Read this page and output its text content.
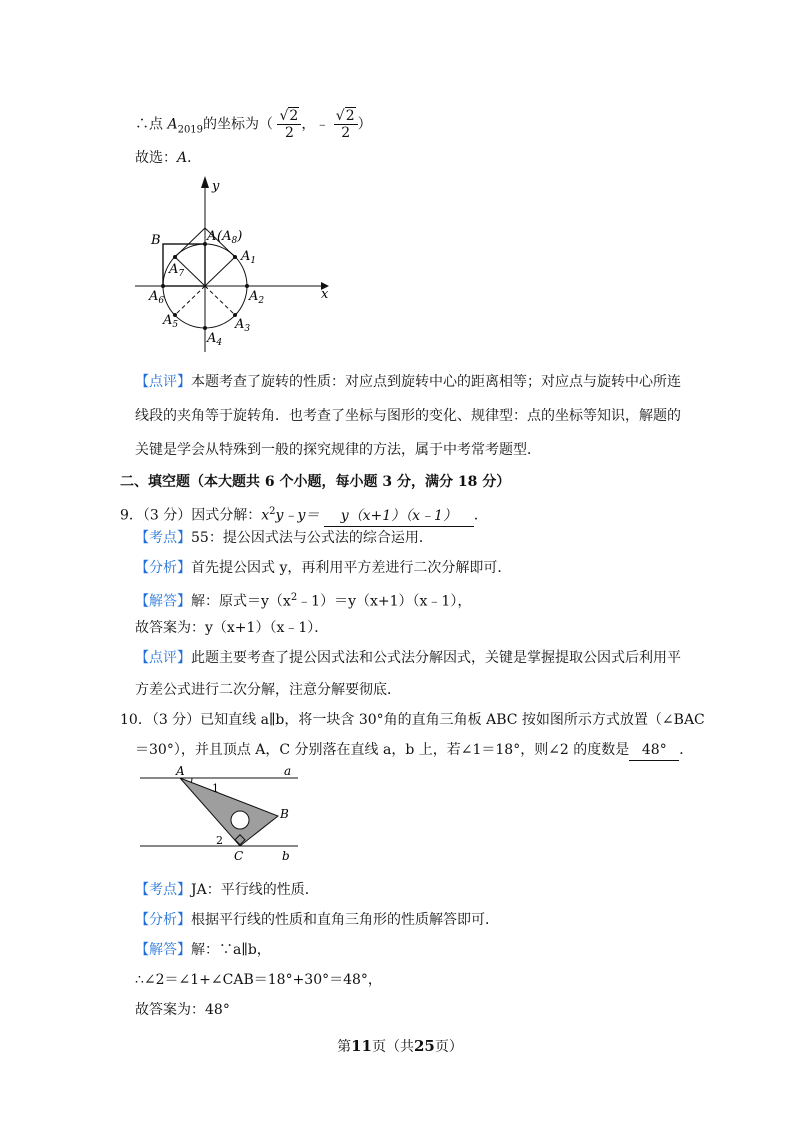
∴点 $A_{2019}$的坐标为（ $\frac{√2}{2}$ ，﹣ $\frac{√2}{2}$ ）
故选：A．
x
y
B	A $(A_8)$
$A_1$
$A_2$
$A_3$
$A_4$
$A_5$
$A_6$
$A_7$
【点评】本题考查了旋转的性质：对应点到旋转中心的距离相等；对应点与旋转中心所连
线段的夹角等于旋转角．也考查了坐标与图形的变化、规律型：点的坐标等知识，解题的
关键是学会从特殊到一般的探究规律的方法，属于中考常考题型．
二、填空题（本大题共 6 个小题，每小题 3 分，满分 18 分）
9．（3 分）因式分解：$x^2y﹣y=$ y（x+1）（x﹣1） ．
【考点】55：提公因式法与公式法的综合运用．
【分析】首先提公因式 y，再利用平方差进行二次分解即可．
【解答】解：原式$=y(x^2﹣1)=y(x+1)(x﹣1)$，
故答案为：y（x+1）（x﹣1）．
【点评】此题主要考查了提公因式法和公式法分解因式，关键是掌握提取公因式后利用平
方差公式进行二次分解，注意分解要彻底．
10．（3 分）已知直线 a∥b，将一块含 30°角的直角三角板 ABC 按如图所示方式放置（∠BAC
＝30°），并且顶点 A，C 分别落在直线 a，b 上，若∠1＝18°，则∠2 的度数是 48° ．
A	a
1
B
2
C	b
【考点】JA：平行线的性质．
【分析】根据平行线的性质和直角三角形的性质解答即可．
【解答】解：∵a∥b，
∴∠2＝∠1+∠CAB＝18°+30°＝48°，
故答案为：48°
第11页（共25页）
